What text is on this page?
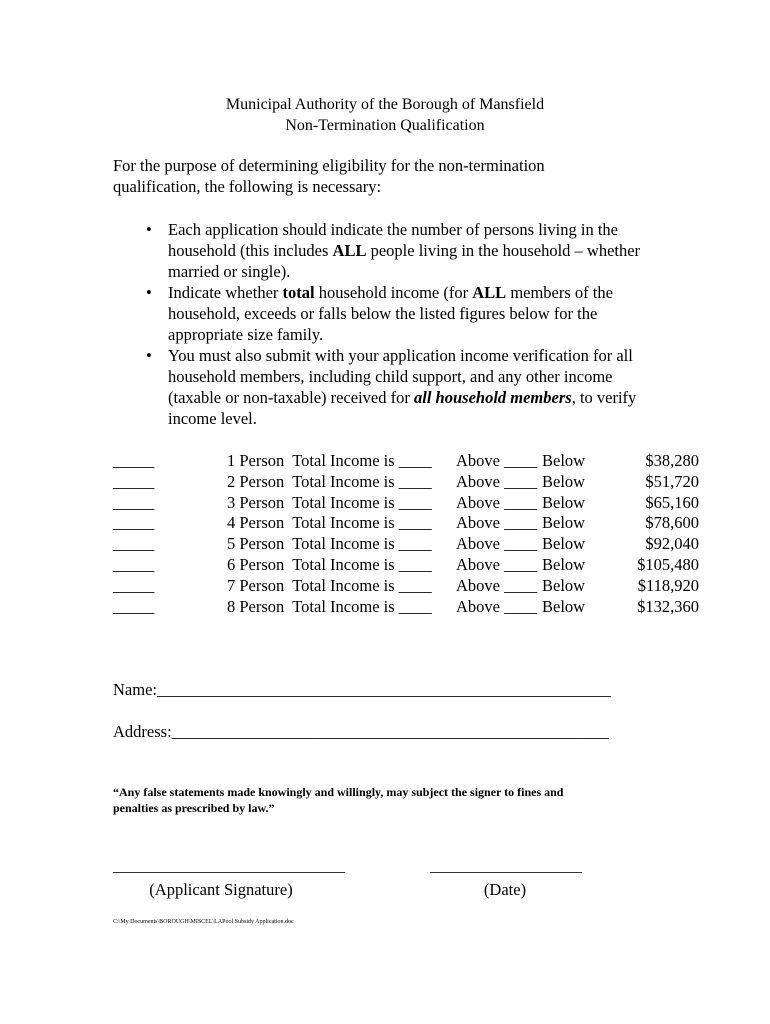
Municipal Authority of the Borough of Mansfield
Non-Termination Qualification
For the purpose of determining eligibility for the non-termination
qualification, the following is necessary:
• Each application should indicate the number of persons living in the household (this includes ALL people living in the household – whether married or single).
• Indicate whether total household income (for ALL members of the household, exceeds or falls below the listed figures below for the appropriate size family.
• You must also submit with your application income verification for all household members, including child support, and any other income (taxable or non-taxable) received for all household members, to verify income level.
_____	1 Person  Total Income is ____	Above ____ Below	$38,280
_____	2 Person  Total Income is ____	Above ____ Below	$51,720
_____	3 Person  Total Income is ____	Above ____ Below	$65,160
_____	4 Person  Total Income is ____	Above ____ Below	$78,600
_____	5 Person  Total Income is ____	Above ____ Below	$92,040
_____	6 Person  Total Income is ____	Above ____ Below	$105,480
_____	7 Person  Total Income is ____	Above ____ Below	$118,920
_____	8 Person  Total Income is ____	Above ____ Below	$132,360
Name:_______________________________________________________
Address:_____________________________________________________
“Any false statements made knowingly and willingly, may subject the signer to fines and
penalties as prescribed by law.”
_____________________________
(Applicant Signature)
___________________
(Date)
C:\My Documents\BOROUGH\MISCEL\LAPool Subsidy Application.doc
